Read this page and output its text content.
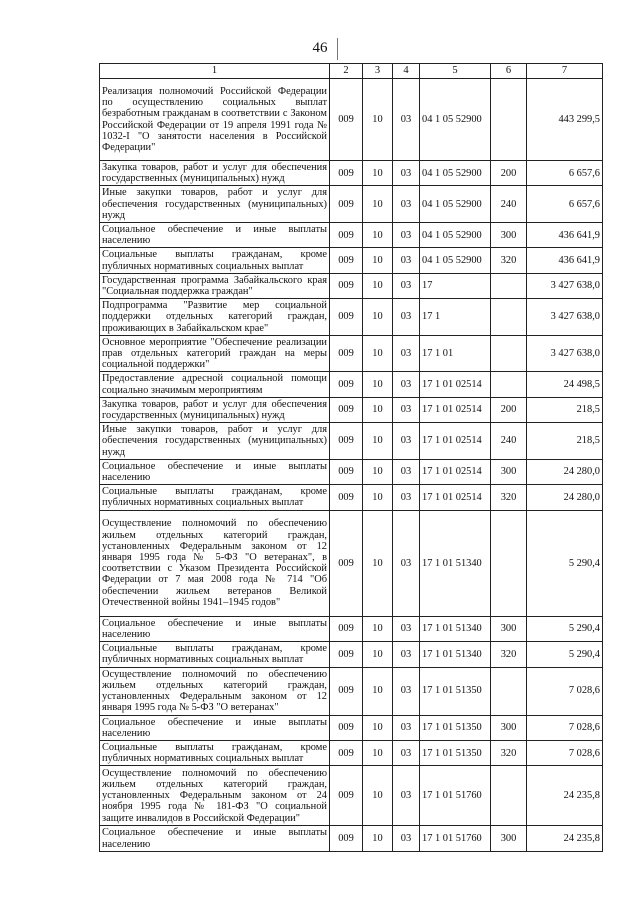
46
1	2	3	4	5	6	7
Реализация полномочий Российской Федерации по осуществлению социальных выплат безработным гражданам в соответствии с Законом Российской Федерации от 19 апреля 1991 года № 1032-I "О занятости населения в Российской Федерации"	009	10	03	04 1 05 52900		443 299,5
Закупка товаров, работ и услуг для обеспечения государственных (муниципальных) нужд	009	10	03	04 1 05 52900	200	6 657,6
Иные закупки товаров, работ и услуг для обеспечения государственных (муниципальных) нужд	009	10	03	04 1 05 52900	240	6 657,6
Социальное обеспечение и иные выплаты населению	009	10	03	04 1 05 52900	300	436 641,9
Социальные выплаты гражданам, кроме публичных нормативных социальных выплат	009	10	03	04 1 05 52900	320	436 641,9
Государственная программа Забайкальского края "Социальная поддержка граждан"	009	10	03	17		3 427 638,0
Подпрограмма "Развитие мер социальной поддержки отдельных категорий граждан, проживающих в Забайкальском крае"	009	10	03	17 1		3 427 638,0
Основное мероприятие "Обеспечение реализации прав отдельных категорий граждан на меры социальной поддержки"	009	10	03	17 1 01		3 427 638,0
Предоставление адресной социальной помощи социально значимым мероприятиям	009	10	03	17 1 01 02514		24 498,5
Закупка товаров, работ и услуг для обеспечения государственных (муниципальных) нужд	009	10	03	17 1 01 02514	200	218,5
Иные закупки товаров, работ и услуг для обеспечения государственных (муниципальных) нужд	009	10	03	17 1 01 02514	240	218,5
Социальное обеспечение и иные выплаты населению	009	10	03	17 1 01 02514	300	24 280,0
Социальные выплаты гражданам, кроме публичных нормативных социальных выплат	009	10	03	17 1 01 02514	320	24 280,0
Осуществление полномочий по обеспечению жильем отдельных категорий граждан, установленных Федеральным законом от 12 января 1995 года № 5-ФЗ "О ветеранах", в соответствии с Указом Президента Российской Федерации от 7 мая 2008 года № 714 "Об обеспечении жильем ветеранов Великой Отечественной войны 1941–1945 годов"	009	10	03	17 1 01 51340		5 290,4
Социальное обеспечение и иные выплаты населению	009	10	03	17 1 01 51340	300	5 290,4
Социальные выплаты гражданам, кроме публичных нормативных социальных выплат	009	10	03	17 1 01 51340	320	5 290,4
Осуществление полномочий по обеспечению жильем отдельных категорий граждан, установленных Федеральным законом от 12 января 1995 года № 5-ФЗ "О ветеранах"	009	10	03	17 1 01 51350		7 028,6
Социальное обеспечение и иные выплаты населению	009	10	03	17 1 01 51350	300	7 028,6
Социальные выплаты гражданам, кроме публичных нормативных социальных выплат	009	10	03	17 1 01 51350	320	7 028,6
Осуществление полномочий по обеспечению жильем отдельных категорий граждан, установленных Федеральным законом от 24 ноября 1995 года № 181-ФЗ "О социальной защите инвалидов в Российской Федерации"	009	10	03	17 1 01 51760		24 235,8
Социальное обеспечение и иные выплаты населению	009	10	03	17 1 01 51760	300	24 235,8
